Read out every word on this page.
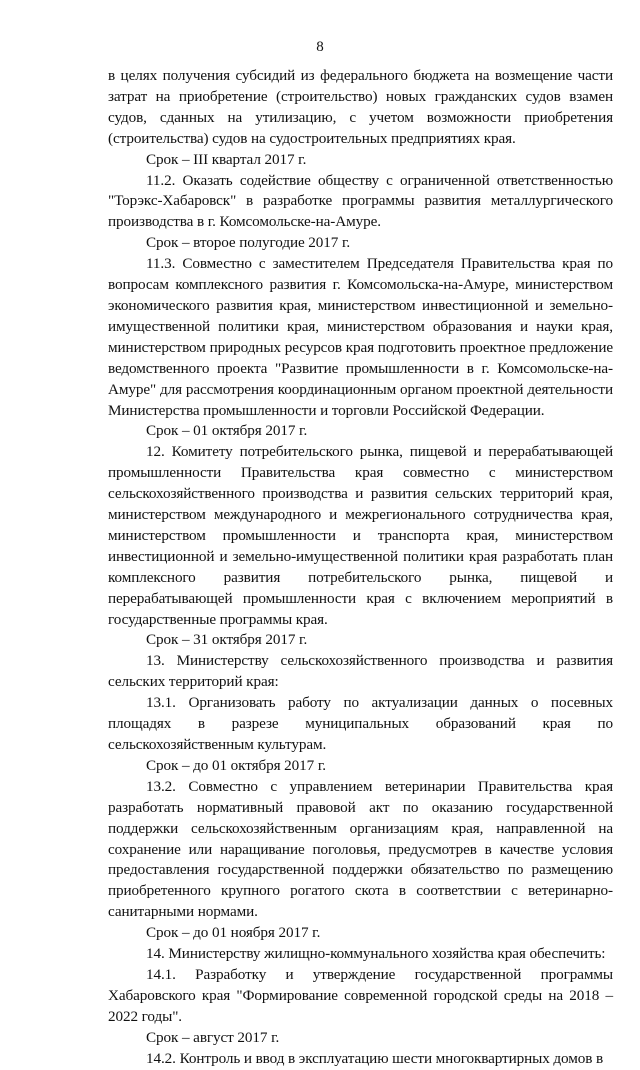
8

в целях получения субсидий из федерального бюджета на возмещение части затрат на приобретение (строительство) новых гражданских судов взамен судов, сданных на утилизацию, с учетом возможности приобретения (строительства) судов на судостроительных предприятиях края.

Срок – III квартал 2017 г.

11.2. Оказать содействие обществу с ограниченной ответственностью "Торэкс-Хабаровск" в разработке программы развития металлургического производства в г. Комсомольске-на-Амуре.

Срок – второе полугодие 2017 г.

11.3. Совместно с заместителем Председателя Правительства края по вопросам комплексного развития г. Комсомольска-на-Амуре, министерством экономического развития края, министерством инвестиционной и земельно-имущественной политики края, министерством образования и науки края, министерством природных ресурсов края подготовить проектное предложение ведомственного проекта "Развитие промышленности в г. Комсомольске-на-Амуре" для рассмотрения координационным органом проектной деятельности Министерства промышленности и торговли Российской Федерации.

Срок – 01 октября 2017 г.

12. Комитету потребительского рынка, пищевой и перерабатывающей промышленности Правительства края совместно с министерством сельскохозяйственного производства и развития сельских территорий края, министерством международного и межрегионального сотрудничества края, министерством промышленности и транспорта края, министерством инвестиционной и земельно-имущественной политики края разработать план комплексного развития потребительского рынка, пищевой и перерабатывающей промышленности края с включением мероприятий в государственные программы края.

Срок – 31 октября 2017 г.

13. Министерству сельскохозяйственного производства и развития сельских территорий края:

13.1. Организовать работу по актуализации данных о посевных площадях в разрезе муниципальных образований края по сельскохозяйственным культурам.

Срок – до 01 октября 2017 г.

13.2. Совместно с управлением ветеринарии Правительства края разработать нормативный правовой акт по оказанию государственной поддержки сельскохозяйственным организациям края, направленной на сохранение или наращивание поголовья, предусмотрев в качестве условия предоставления государственной поддержки обязательство по размещению приобретенного крупного рогатого скота в соответствии с ветеринарно-санитарными нормами.

Срок – до 01 ноября 2017 г.

14. Министерству жилищно-коммунального хозяйства края обеспечить:

14.1. Разработку и утверждение государственной программы Хабаровского края "Формирование современной городской среды на 2018 – 2022 годы".

Срок – август 2017 г.

14.2. Контроль и ввод в эксплуатацию шести многоквартирных домов в
